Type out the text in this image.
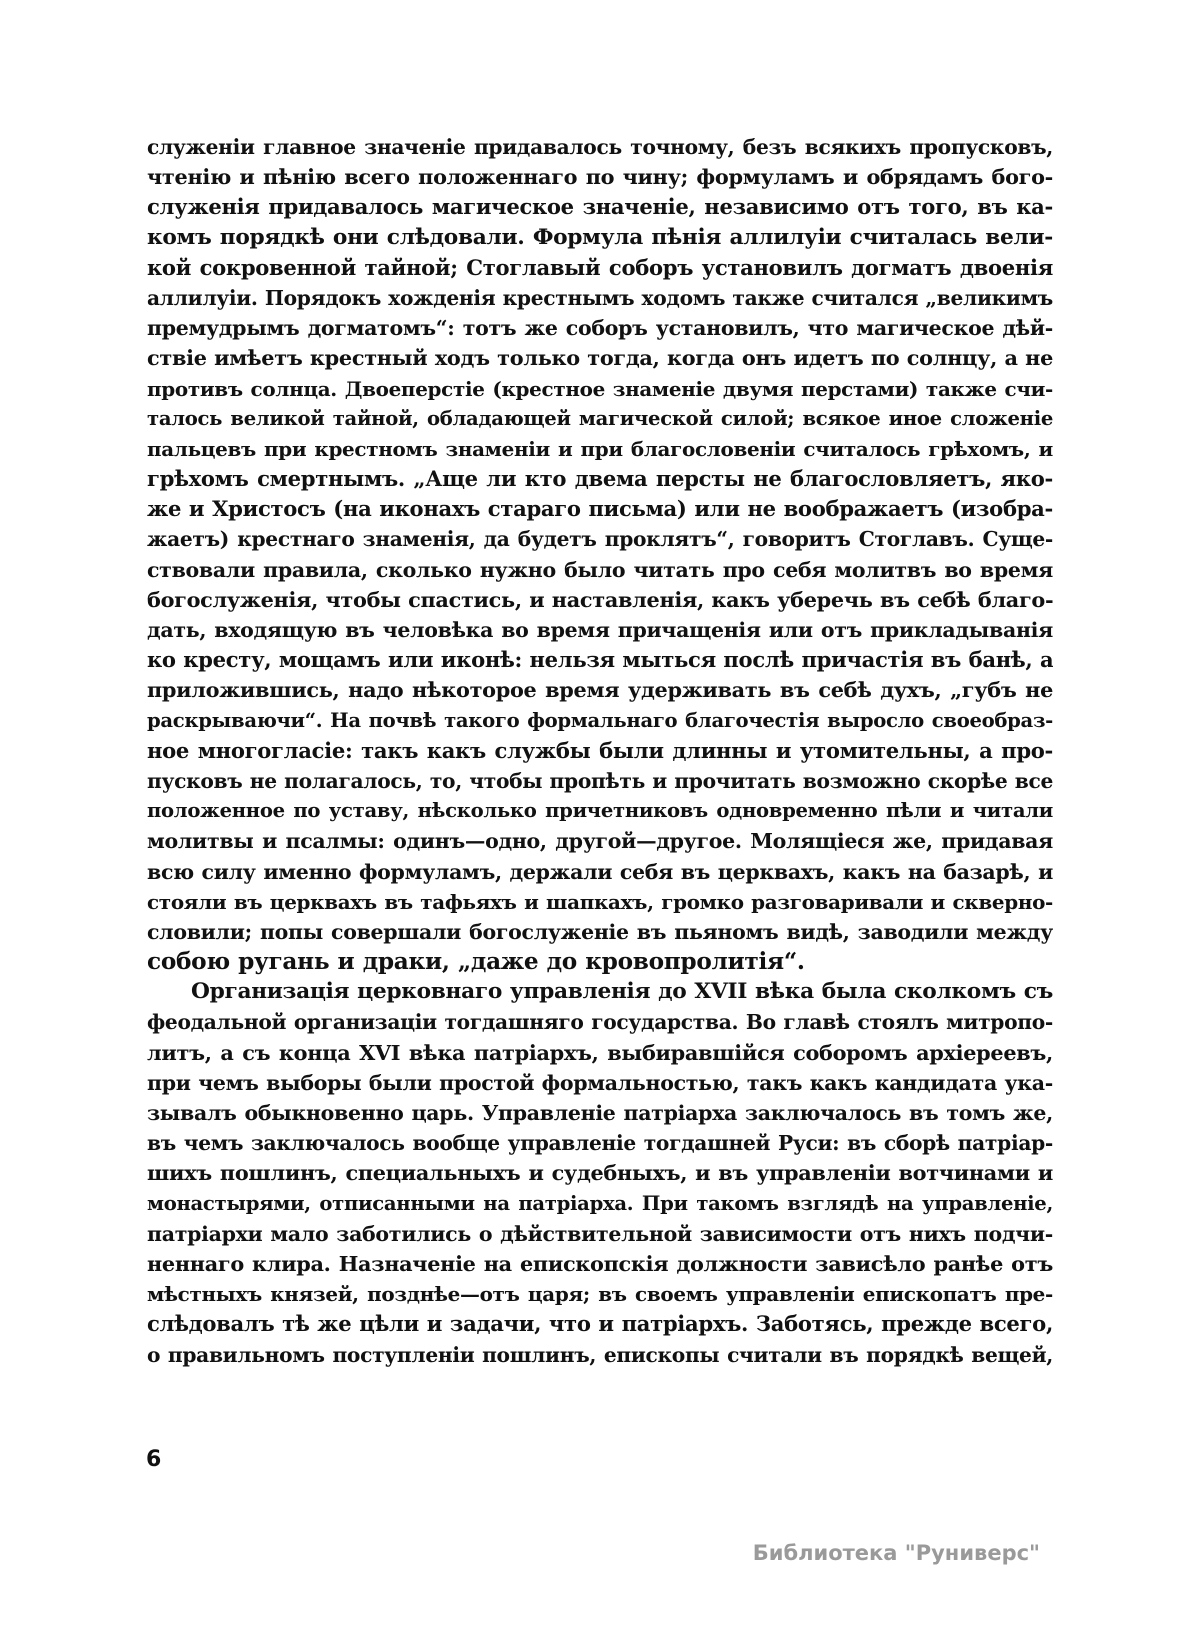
служеніи главное значеніе придавалось точному, безъ всякихъ пропусковъ,
чтенію и пѣнію всего положеннаго по чину; формуламъ и обрядамъ бого-
служенія придавалось магическое значеніе, независимо отъ того, въ ка-
комъ порядкѣ они слѣдовали. Формула пѣнія аллилуіи считалась вели-
кой сокровенной тайной; Стоглавый соборъ установилъ догматъ двоенія
аллилуіи. Порядокъ хожденія крестнымъ ходомъ также считался „великимъ
премудрымъ догматомъ“: тотъ же соборъ установилъ, что магическое дѣй-
ствіе имѣетъ крестный ходъ только тогда, когда онъ идетъ по солнцу, а не
противъ солнца. Двоеперстіе (крестное знаменіе двумя перстами) также счи-
талось великой тайной, обладающей магической силой; всякое иное сложеніе
пальцевъ при крестномъ знаменіи и при благословеніи считалось грѣхомъ, и
грѣхомъ смертнымъ. „Аще ли кто двема персты не благословляетъ, яко-
же и Христосъ (на иконахъ стараго письма) или не воображаетъ (изобра-
жаетъ) крестнаго знаменія, да будетъ проклятъ“, говоритъ Стоглавъ. Суще-
ствовали правила, сколько нужно было читать про себя молитвъ во время
богослуженія, чтобы спастись, и наставленія, какъ уберечь въ себѣ благо-
дать, входящую въ человѣка во время причащенія или отъ прикладыванія
ко кресту, мощамъ или иконѣ: нельзя мыться послѣ причастія въ банѣ, а
приложившись, надо нѣкоторое время удерживать въ себѣ духъ, „губъ не
раскрываючи“. На почвѣ такого формальнаго благочестія выросло своеобраз-
ное многогласіе: такъ какъ службы были длинны и утомительны, а про-
пусковъ не полагалось, то, чтобы пропѣть и прочитать возможно скорѣе все
положенное по уставу, нѣсколько причетниковъ одновременно пѣли и читали
молитвы и псалмы: одинъ—одно, другой—другое. Молящіеся же, придавая
всю силу именно формуламъ, держали себя въ церквахъ, какъ на базарѣ, и
стояли въ церквахъ въ тафьяхъ и шапкахъ, громко разговаривали и скверно-
словили; попы совершали богослуженіе въ пьяномъ видѣ, заводили между
собою ругань и драки, „даже до кровопролитія“.
Организація церковнаго управленія до XVII вѣка была сколкомъ съ
феодальной организаціи тогдашняго государства. Во главѣ стоялъ митропо-
литъ, а съ конца XVI вѣка патріархъ, выбиравшійся соборомъ архіереевъ,
при чемъ выборы были простой формальностью, такъ какъ кандидата ука-
зывалъ обыкновенно царь. Управленіе патріарха заключалось въ томъ же,
въ чемъ заключалось вообще управленіе тогдашней Руси: въ сборѣ патріар-
шихъ пошлинъ, специальныхъ и судебныхъ, и въ управленіи вотчинами и
монастырями, отписанными на патріарха. При такомъ взглядѣ на управленіе,
патріархи мало заботились о дѣйствительной зависимости отъ нихъ подчи-
неннаго клира. Назначеніе на епископскія должности зависѣло ранѣе отъ
мѣстныхъ князей, позднѣе—отъ царя; въ своемъ управленіи епископатъ пре-
слѣдовалъ тѣ же цѣли и задачи, что и патріархъ. Заботясь, прежде всего,
о правильномъ поступленіи пошлинъ, епископы считали въ порядкѣ вещей,
6
Библиотека "Руниверс"
